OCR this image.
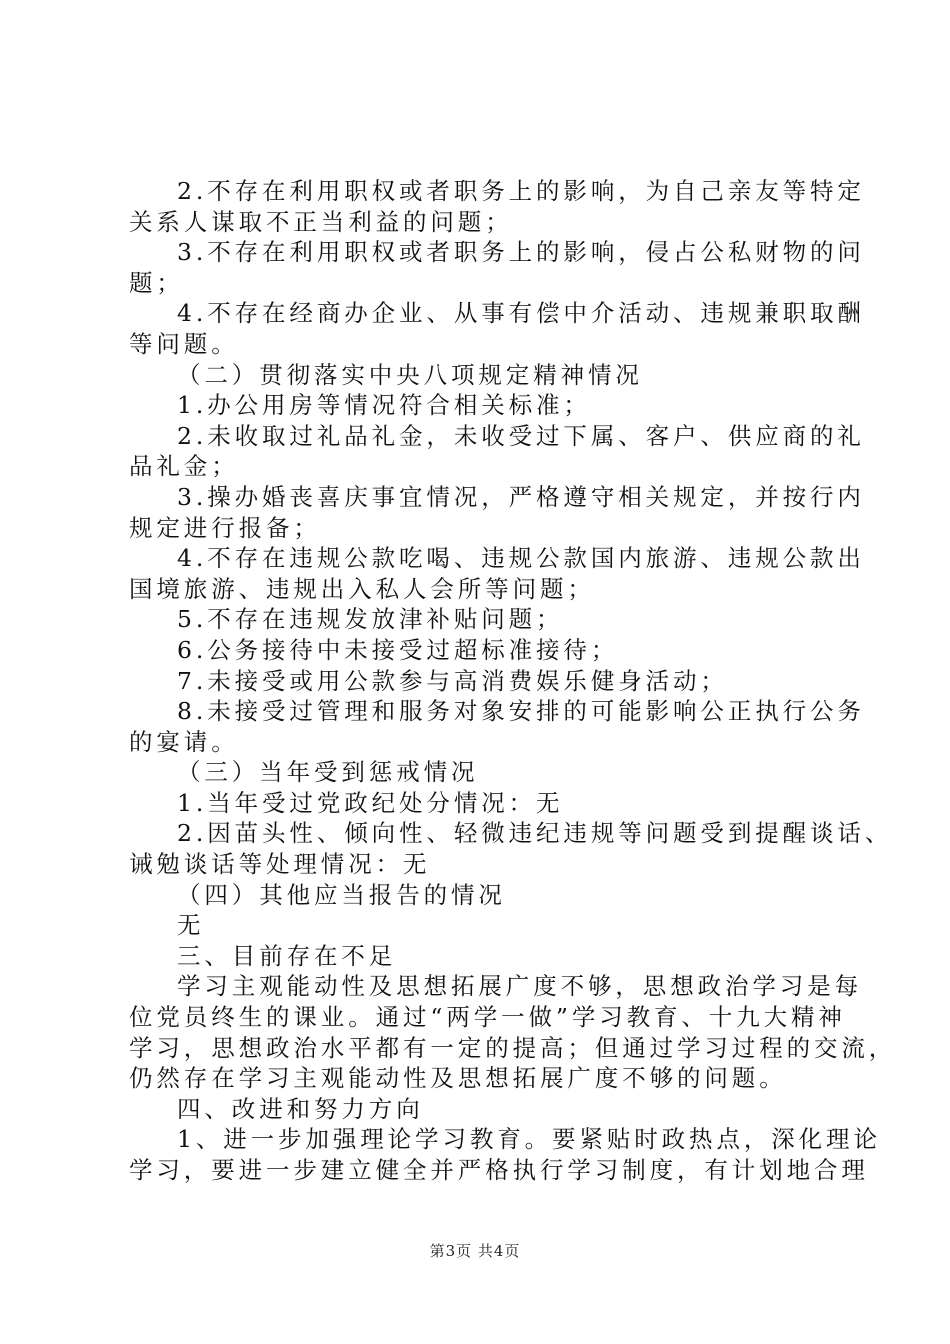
2.不存在利用职权或者职务上的影响，为自己亲友等特定
关系人谋取不正当利益的问题；
3.不存在利用职权或者职务上的影响，侵占公私财物的问
题；
4.不存在经商办企业、从事有偿中介活动、违规兼职取酬
等问题。
（二）贯彻落实中央八项规定精神情况
1.办公用房等情况符合相关标准；
2.未收取过礼品礼金，未收受过下属、客户、供应商的礼
品礼金；
3.操办婚丧喜庆事宜情况，严格遵守相关规定，并按行内
规定进行报备；
4.不存在违规公款吃喝、违规公款国内旅游、违规公款出
国境旅游、违规出入私人会所等问题；
5.不存在违规发放津补贴问题；
6.公务接待中未接受过超标准接待；
7.未接受或用公款参与高消费娱乐健身活动；
8.未接受过管理和服务对象安排的可能影响公正执行公务
的宴请。
（三）当年受到惩戒情况
1.当年受过党政纪处分情况：无
2.因苗头性、倾向性、轻微违纪违规等问题受到提醒谈话、
诫勉谈话等处理情况：无
（四）其他应当报告的情况
无
三、目前存在不足
学习主观能动性及思想拓展广度不够，思想政治学习是每
位党员终生的课业。通过“两学一做”学习教育、十九大精神
学习，思想政治水平都有一定的提高；但通过学习过程的交流，
仍然存在学习主观能动性及思想拓展广度不够的问题。
四、改进和努力方向
1、进一步加强理论学习教育。要紧贴时政热点，深化理论
学习，要进一步建立健全并严格执行学习制度，有计划地合理
第3页 共4页
